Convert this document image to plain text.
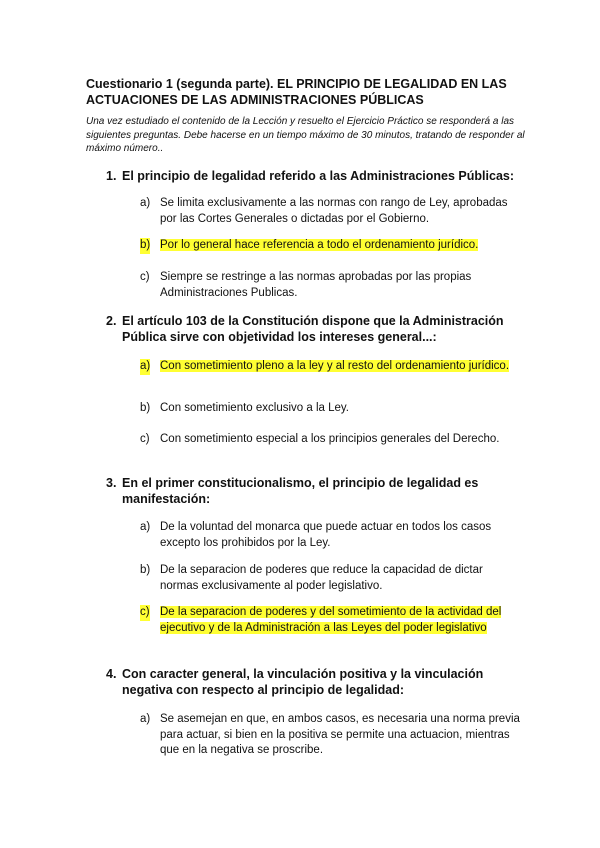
Cuestionario 1 (segunda parte). EL PRINCIPIO DE LEGALIDAD EN LAS ACTUACIONES DE LAS ADMINISTRACIONES PÚBLICAS

Una vez estudiado el contenido de la Lección y resuelto el Ejercicio Práctico se responderá a las siguientes preguntas. Debe hacerse en un tiempo máximo de 30 minutos, tratando de responder al máximo número..

1. El principio de legalidad referido a las Administraciones Públicas:
a) Se limita exclusivamente a las normas con rango de Ley, aprobadas por las Cortes Generales o dictadas por el Gobierno.
b) Por lo general hace referencia a todo el ordenamiento jurídico.
c) Siempre se restringe a las normas aprobadas por las propias Administraciones Publicas.
2. El artículo 103 de la Constitución dispone que la Administración Pública sirve con objetividad los intereses general...:
a) Con sometimiento pleno a la ley y al resto del ordenamiento jurídico.
b) Con sometimiento exclusivo a la Ley.
c) Con sometimiento especial a los principios generales del Derecho.
3. En el primer constitucionalismo, el principio de legalidad es manifestación:
a) De la voluntad del monarca que puede actuar en todos los casos excepto los prohibidos por la Ley.
b) De la separacion de poderes que reduce la capacidad de dictar normas exclusivamente al poder legislativo.
c) De la separacion de poderes y del sometimiento de la actividad del ejecutivo y de la Administración a las Leyes del poder legislativo
4. Con caracter general, la vinculación positiva y la vinculación negativa con respecto al principio de legalidad:
a) Se asemejan en que, en ambos casos, es necesaria una norma previa para actuar, si bien en la positiva se permite una actuacion, mientras que en la negativa se proscribe.
